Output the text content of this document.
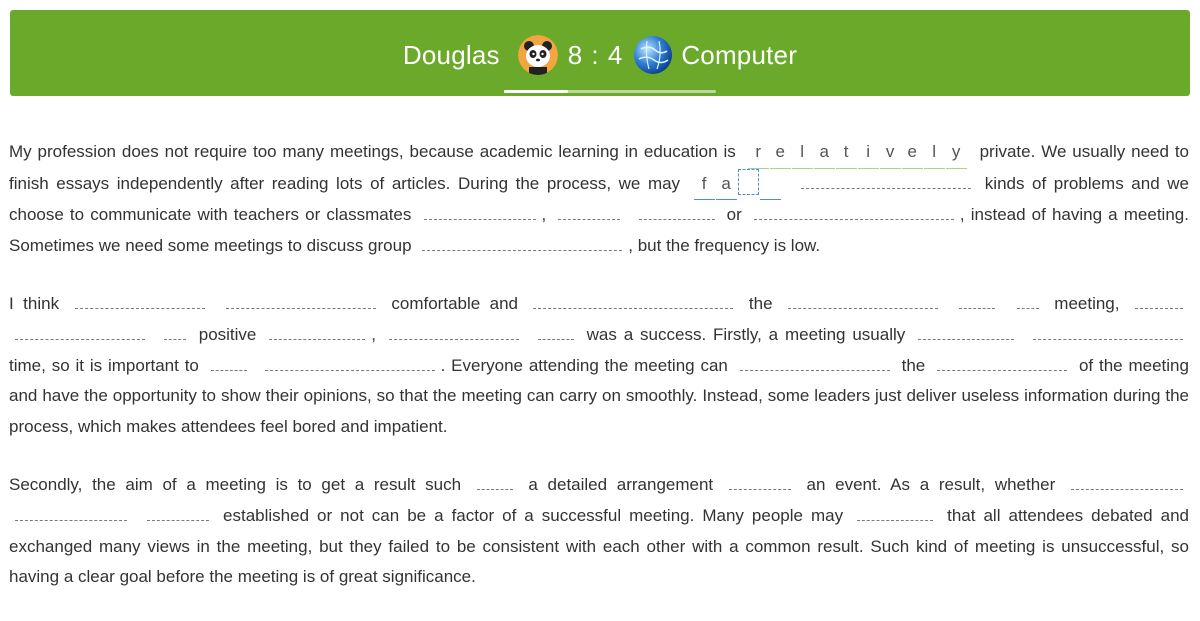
Douglas	8 : 4 Computer
My profession does not require too many meetings, because academic learning in education is	r e l a t	i v e l y	private. We usually need to finish essays independently after reading lots of articles. During the process, we may	f a

	kinds of problems and we choose to communicate with teachers or classmates	,	or	, instead of having a meeting. Sometimes we need some meetings to discuss group	, but the frequency is low.
I think	comfortable and	the	meeting,    positive	,	was a success. Firstly, a meeting usually   time, so it is important to	. Everyone attending the meeting can	the	of the meeting and have the opportunity to show their opinions, so that the meeting can carry on smoothly. Instead, some leaders just deliver useless information during the process, which makes attendees feel bored and impatient.
Secondly, the aim of a meeting is to get a result such	a detailed arrangement	an event. As a result, whether    established or not can be a factor of a successful meeting. Many people may	that all attendees debated and exchanged many views in the meeting, but they failed to be consistent with each other with a common result. Such kind of meeting is unsuccessful, so having a clear goal before the meeting is of great significance.
